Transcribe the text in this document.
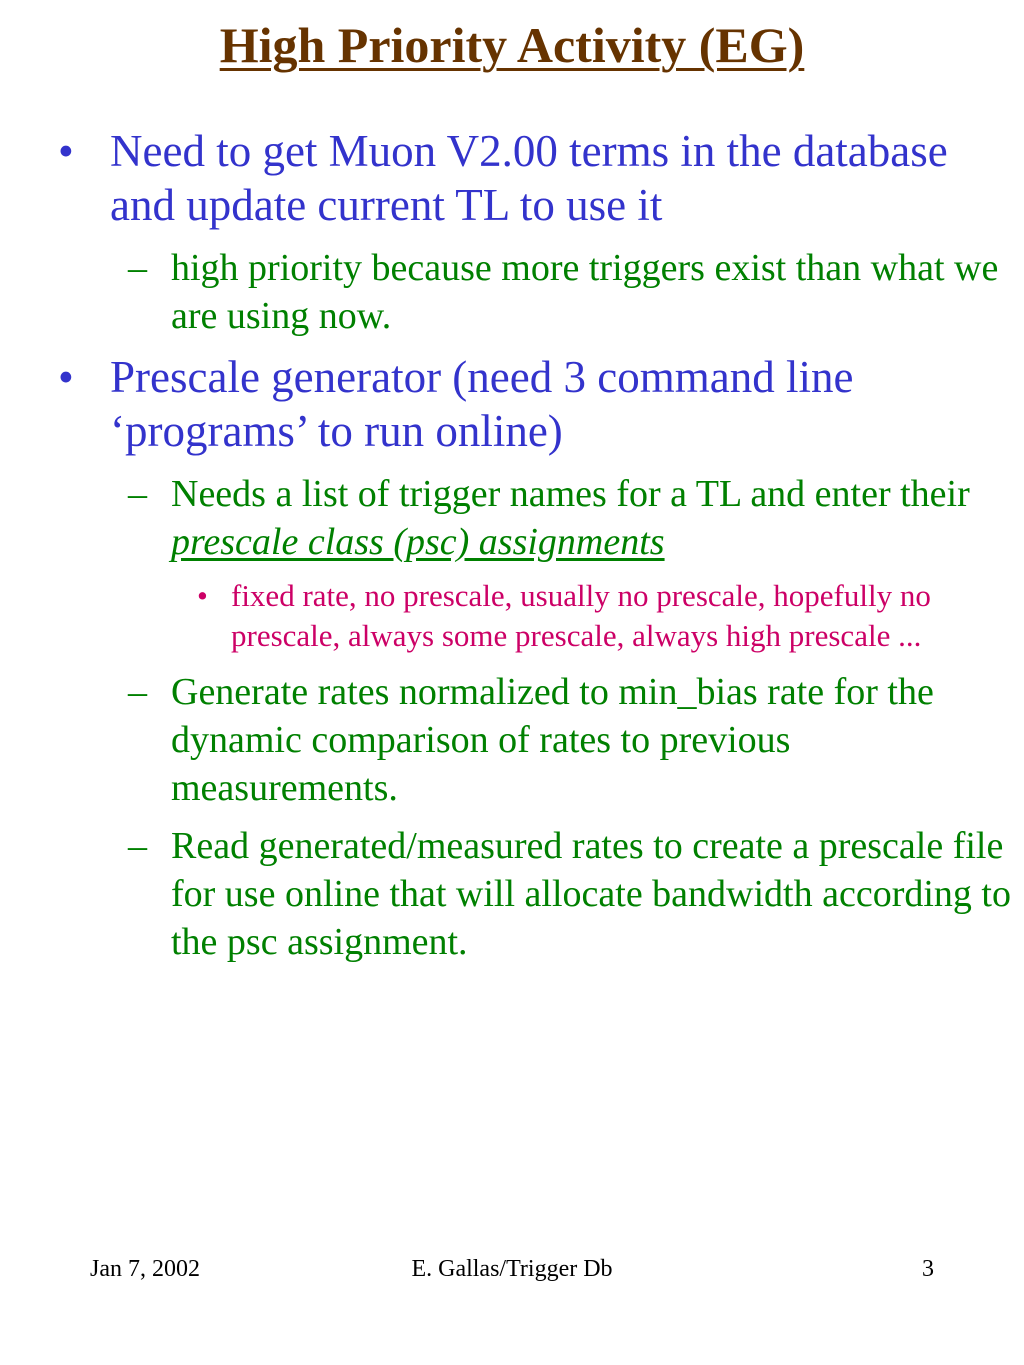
High Priority Activity (EG)
• Need to get Muon V2.00 terms in the database and update current TL to use it
– high priority because more triggers exist than what we are using now.
• Prescale generator (need 3 command line ‘programs’ to run online)
– Needs a list of trigger names for a TL and enter their prescale class (psc) assignments
• fixed rate, no prescale, usually no prescale, hopefully no prescale, always some prescale, always high prescale ...
– Generate rates normalized to min_bias rate for the dynamic comparison of rates to previous measurements.
– Read generated/measured rates to create a prescale file for use online that will allocate bandwidth according to the psc assignment.
Jan 7, 2002	E. Gallas/Trigger Db	3
